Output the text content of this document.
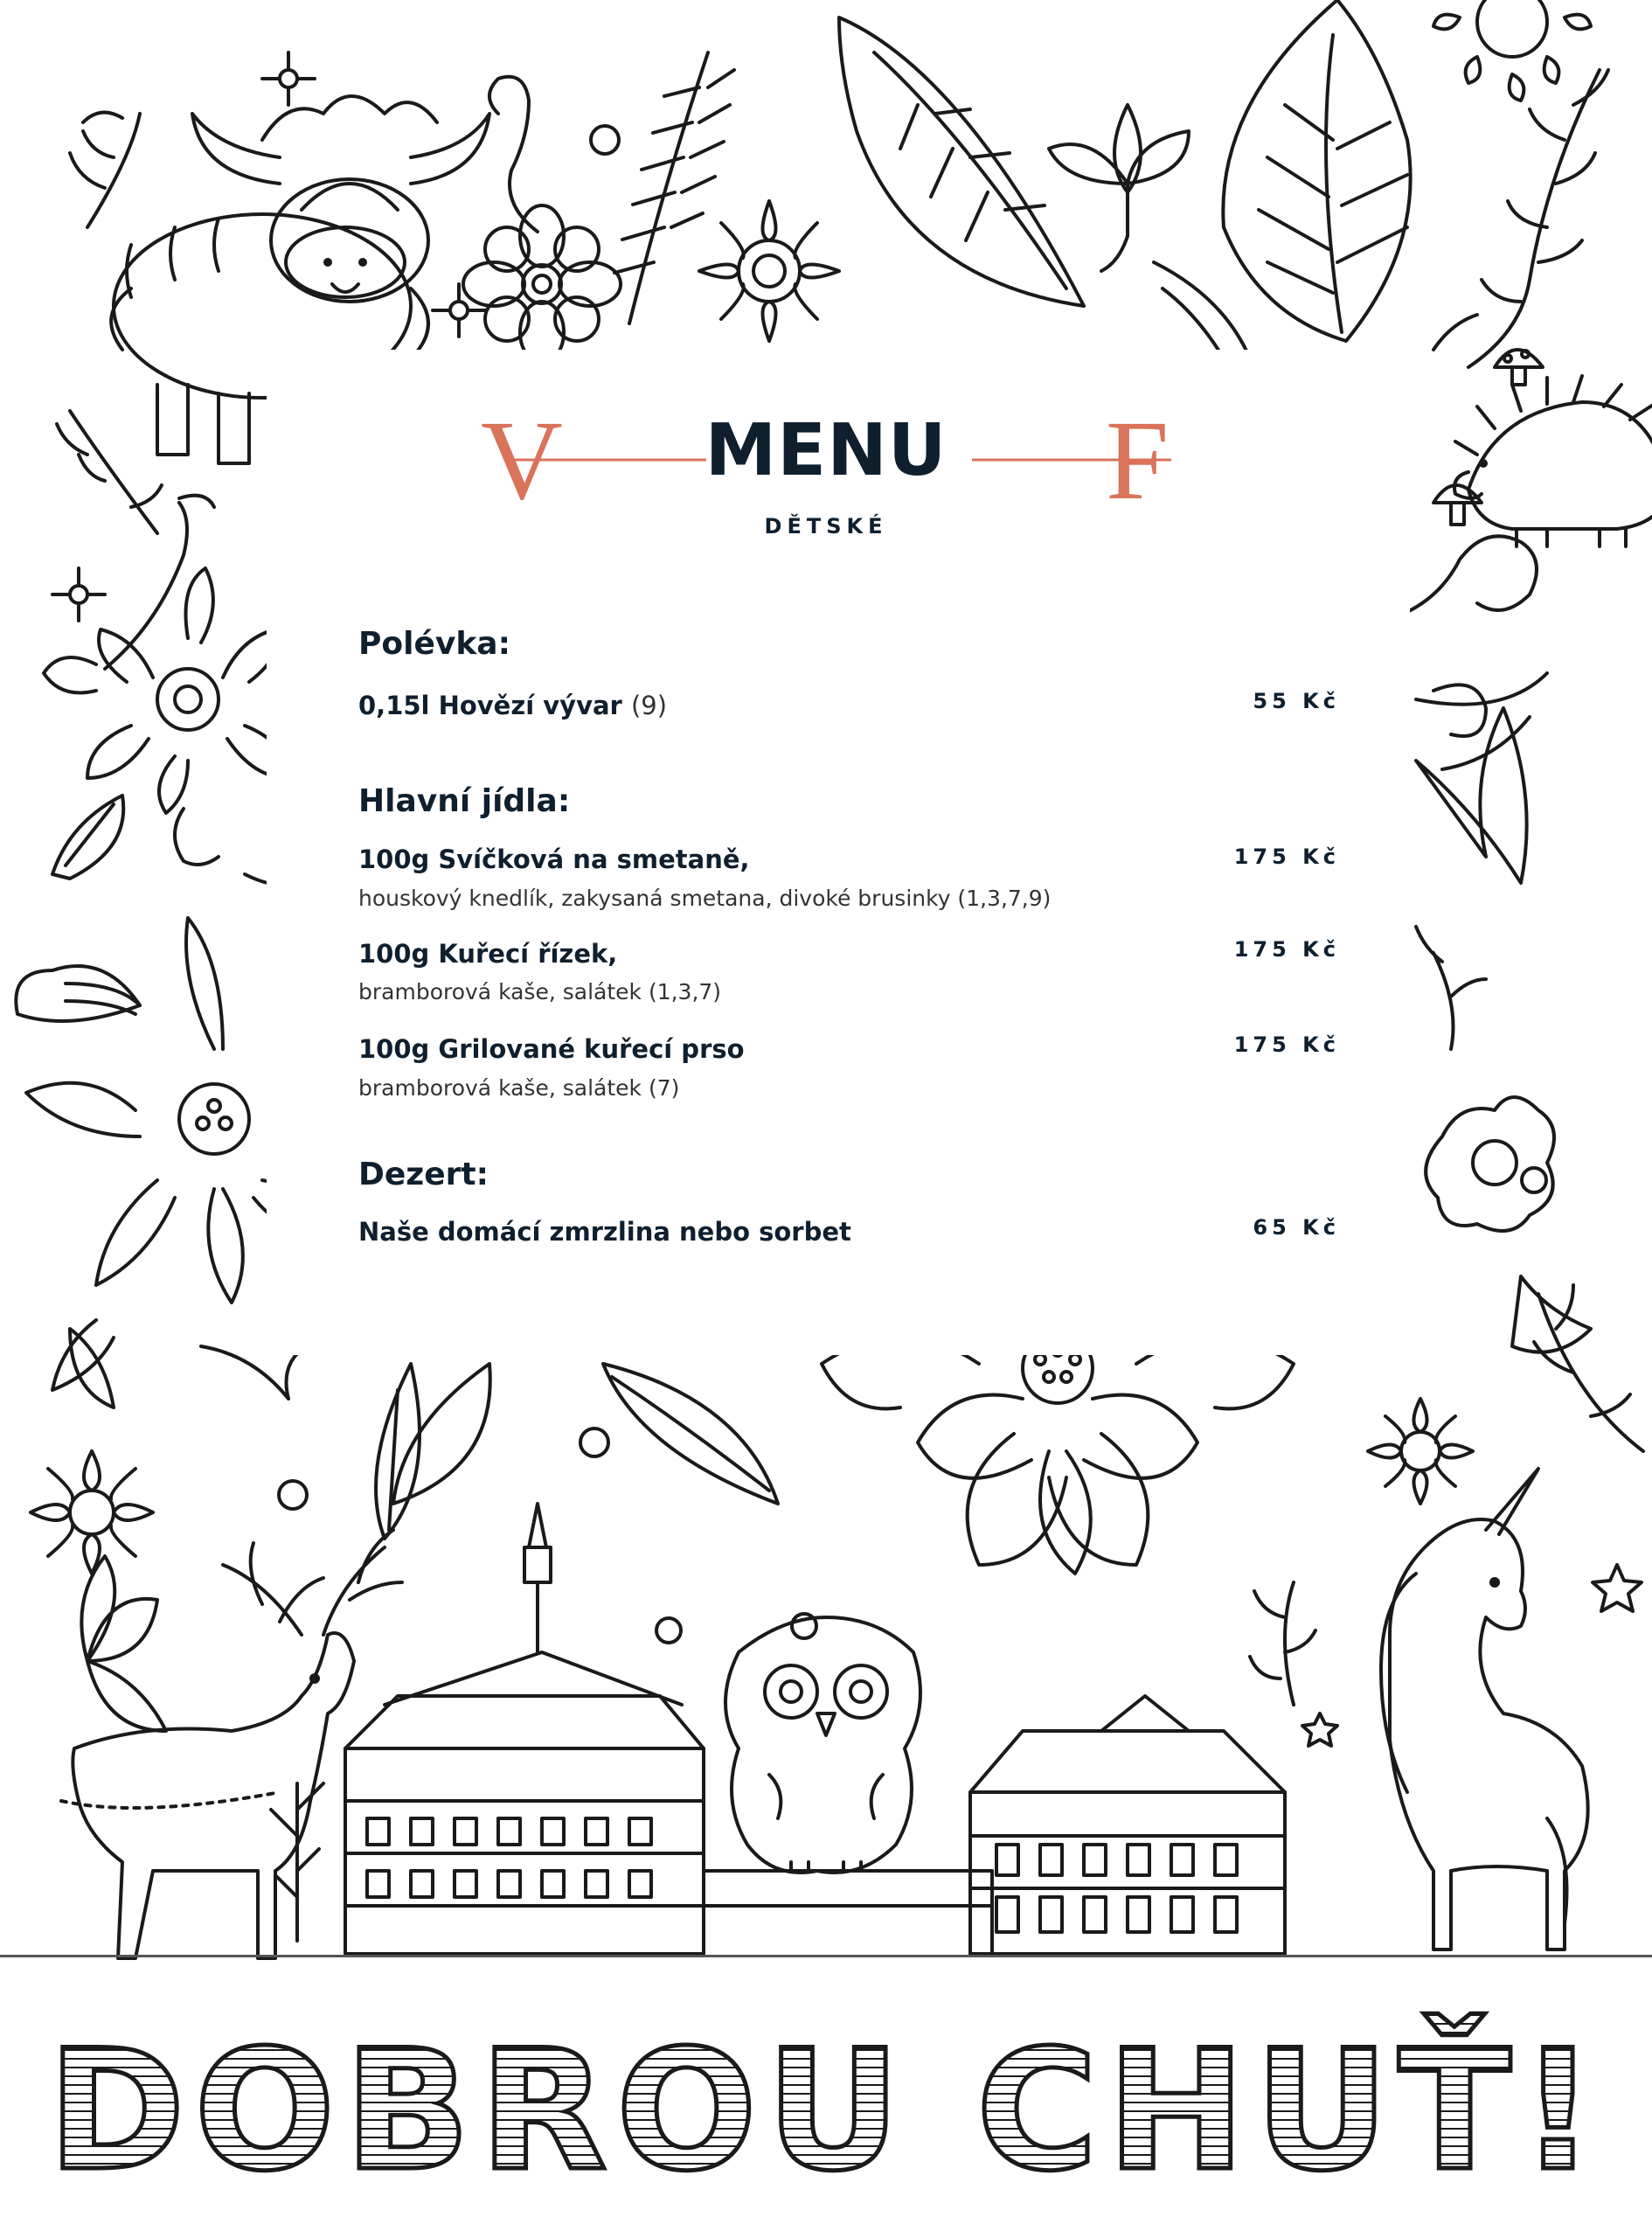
V	F
MENU
DĚTSKÉ
Polévka:
0,15l Hovězí vývar (9)	55 Kč
Hlavní jídla:
100g Svíčková na smetaně,	175 Kč
houskový knedlík, zakysaná smetana, divoké brusinky (1,3,7,9)
100g Kuřecí řízek,	175 Kč
bramborová kaše, salátek (1,3,7)
100g Grilované kuřecí prso	175 Kč
bramborová kaše, salátek (7)
Dezert:
Naše domácí zmrzlina nebo sorbet	65 Kč
DOBROU CHUŤ!
